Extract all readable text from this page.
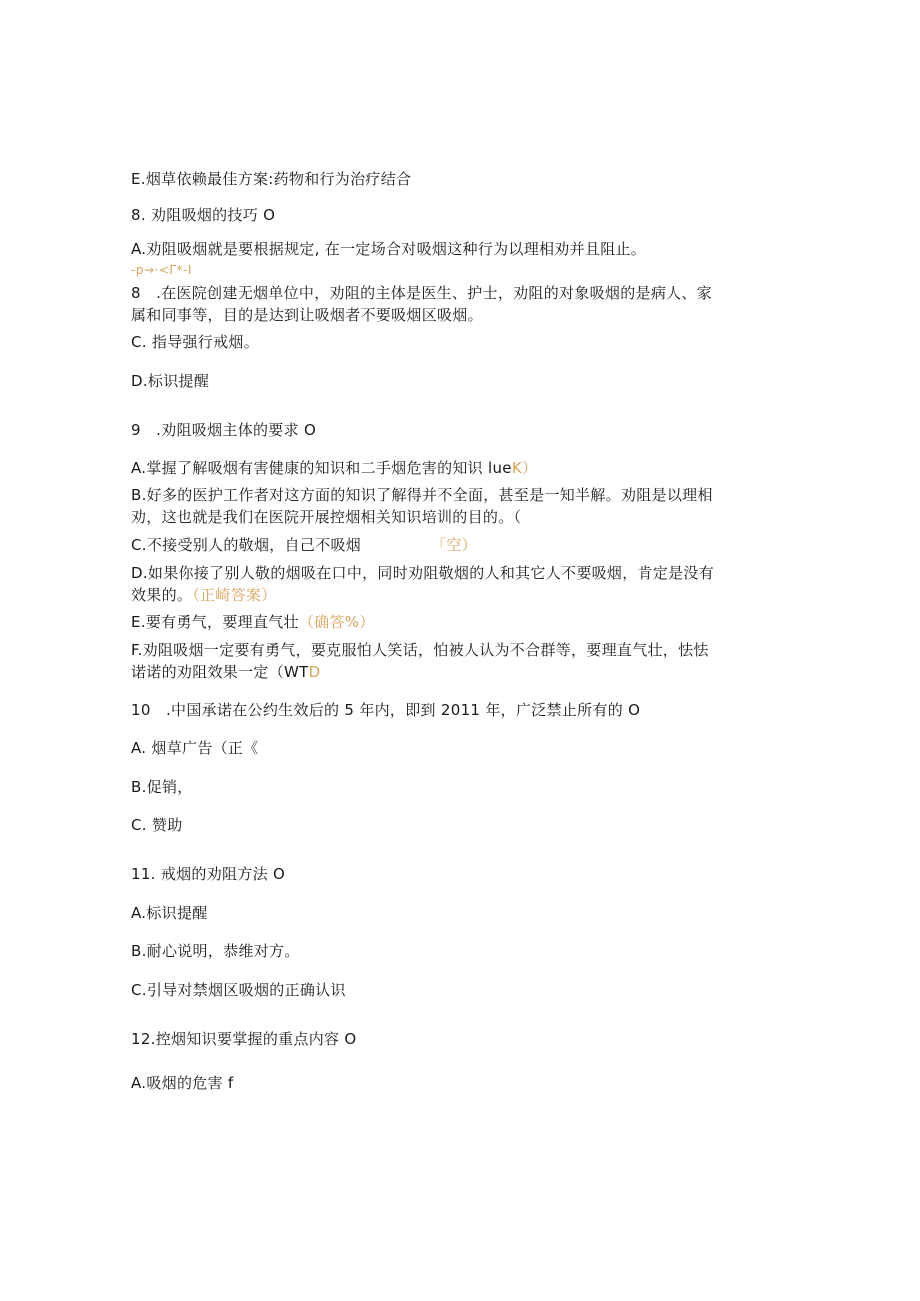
E.烟草依赖最佳方案:药物和行为治疗结合
8. 劝阻吸烟的技巧 O
A.劝阻吸烟就是要根据规定, 在一定场合对吸烟这种行为以理相劝并且阻止。
-p→·<Γ*-I
8　.在医院创建无烟单位中，劝阻的主体是医生、护士，劝阻的对象吸烟的是病人、家
属和同事等，目的是达到让吸烟者不要吸烟区吸烟。
C. 指导强行戒烟。
D.标识提醒
9　.劝阻吸烟主体的要求 O
A.掌握了解吸烟有害健康的知识和二手烟危害的知识 lueK）
B.好多的医护工作者对这方面的知识了解得并不全面，甚至是一知半解。劝阻是以理相
劝，这也就是我们在医院开展控烟相关知识培训的目的。（
C.不接受别人的敬烟，自己不吸烟	「空）
D.如果你接了别人敬的烟吸在口中，同时劝阻敬烟的人和其它人不要吸烟，肯定是没有
效果的。（正崎答案）
E.要有勇气，要理直气壮（确答%）
F.劝阻吸烟一定要有勇气，要克服怕人笑话，怕被人认为不合群等，要理直气壮，怯怯
诺诺的劝阻效果一定（WTD
10　.中国承诺在公约生效后的 5 年内，即到 2011 年，广泛禁止所有的 O
A. 烟草广告（正《
B.促销，
C. 赞助
11. 戒烟的劝阻方法 O
A.标识提醒
B.耐心说明，恭维对方。
C.引导对禁烟区吸烟的正确认识
12.控烟知识要掌握的重点内容 O
A.吸烟的危害 f
